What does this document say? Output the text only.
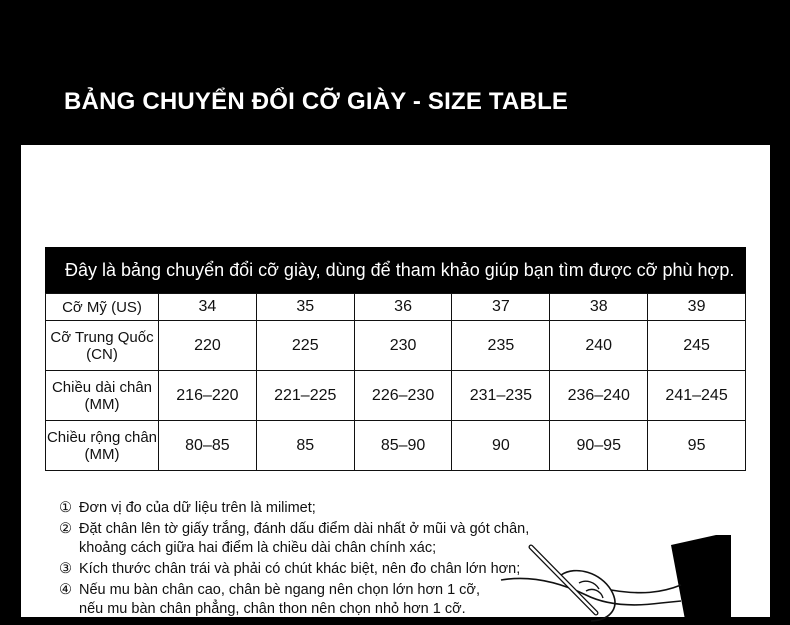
BẢNG CHUYỂN ĐỔI CỠ GIÀY - SIZE TABLE
Đây là bảng chuyển đổi cỡ giày, dùng để tham khảo giúp bạn tìm được cỡ phù hợp.
Cỡ Mỹ (US)	34	35	36	37	38	39
Cỡ Trung Quốc
(CN)	220	225	230	235	240	245
Chiều dài chân
(MM)	216–220	221–225	226–230	231–235	236–240	241–245
Chiều rộng chân
(MM)	80–85	85	85–90	90	90–95	95
① Đơn vị đo của dữ liệu trên là milimet;
② Đặt chân lên tờ giấy trắng, đánh dấu điểm dài nhất ở mũi và gót chân,
khoảng cách giữa hai điểm là chiều dài chân chính xác;
③ Kích thước chân trái và phải có chút khác biệt, nên đo chân lớn hơn;
④ Nếu mu bàn chân cao, chân bè ngang nên chọn lớn hơn 1 cỡ,
nếu mu bàn chân phẳng, chân thon nên chọn nhỏ hơn 1 cỡ.
